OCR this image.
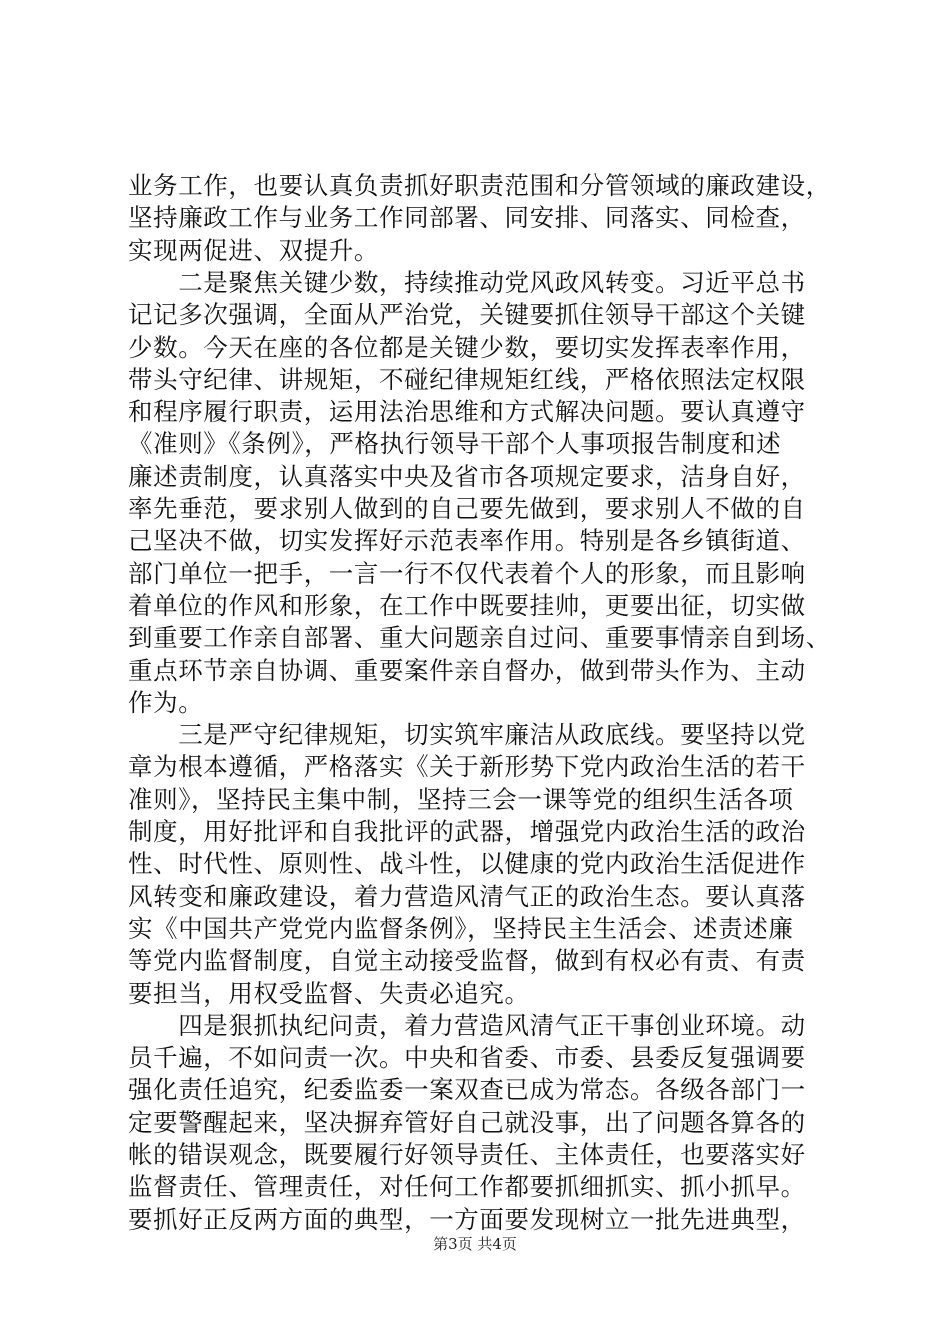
业务工作，也要认真负责抓好职责范围和分管领域的廉政建设，
坚持廉政工作与业务工作同部署、同安排、同落实、同检查，
实现两促进、双提升。
　　二是聚焦关键少数，持续推动党风政风转变。习近平总书
记记多次强调，全面从严治党，关键要抓住领导干部这个关键
少数。今天在座的各位都是关键少数，要切实发挥表率作用，
带头守纪律、讲规矩，不碰纪律规矩红线，严格依照法定权限
和程序履行职责，运用法治思维和方式解决问题。要认真遵守
《准则》《条例》，严格执行领导干部个人事项报告制度和述
廉述责制度，认真落实中央及省市各项规定要求，洁身自好，
率先垂范，要求别人做到的自己要先做到，要求别人不做的自
己坚决不做，切实发挥好示范表率作用。特别是各乡镇街道、
部门单位一把手，一言一行不仅代表着个人的形象，而且影响
着单位的作风和形象，在工作中既要挂帅，更要出征，切实做
到重要工作亲自部署、重大问题亲自过问、重要事情亲自到场、
重点环节亲自协调、重要案件亲自督办，做到带头作为、主动
作为。
　　三是严守纪律规矩，切实筑牢廉洁从政底线。要坚持以党
章为根本遵循，严格落实《关于新形势下党内政治生活的若干
准则》，坚持民主集中制，坚持三会一课等党的组织生活各项
制度，用好批评和自我批评的武器，增强党内政治生活的政治
性、时代性、原则性、战斗性，以健康的党内政治生活促进作
风转变和廉政建设，着力营造风清气正的政治生态。要认真落
实《中国共产党党内监督条例》，坚持民主生活会、述责述廉
等党内监督制度，自觉主动接受监督，做到有权必有责、有责
要担当，用权受监督、失责必追究。
　　四是狠抓执纪问责，着力营造风清气正干事创业环境。动
员千遍，不如问责一次。中央和省委、市委、县委反复强调要
强化责任追究，纪委监委一案双查已成为常态。各级各部门一
定要警醒起来，坚决摒弃管好自己就没事，出了问题各算各的
帐的错误观念，既要履行好领导责任、主体责任，也要落实好
监督责任、管理责任，对任何工作都要抓细抓实、抓小抓早。
要抓好正反两方面的典型，一方面要发现树立一批先进典型，
第3页 共4页
